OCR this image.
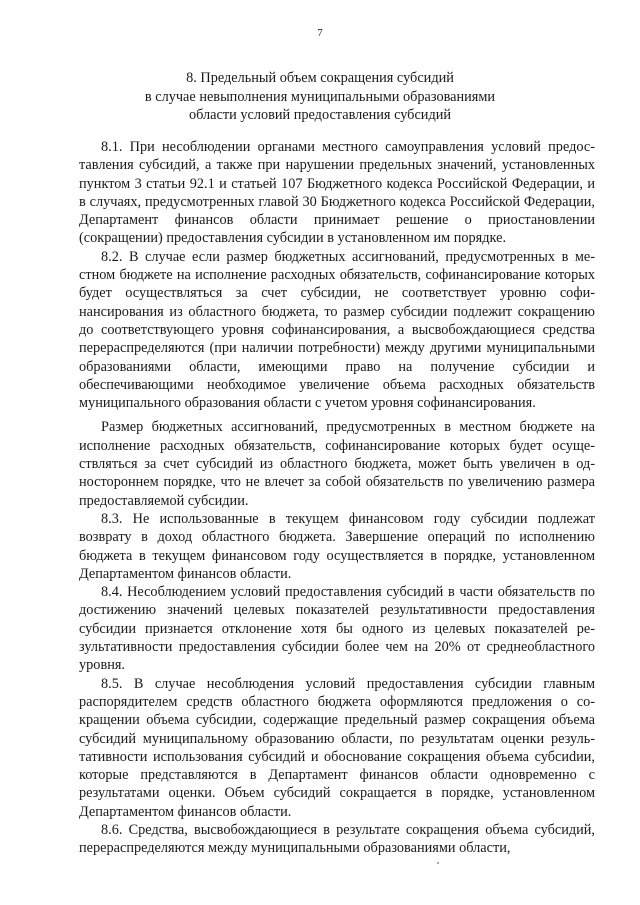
7
8. Предельный объем сокращения субсидий
в случае невыполнения муниципальными образованиями
области условий предоставления субсидий

8.1. При несоблюдении органами местного самоуправления условий предоставления субсидий, а также при нарушении предельных значений, установленных пунктом 3 статьи 92.1 и статьей 107 Бюджетного кодекса Российской Федерации, и в случаях, предусмотренных главой 30 Бюджетного кодекса Российской Федерации, Департамент финансов области принимает решение о приостановлении (сокращении) предоставления субсидии в установленном им порядке.

8.2. В случае если размер бюджетных ассигнований, предусмотренных в местном бюджете на исполнение расходных обязательств, софинансирование которых будет осуществляться за счет субсидии, не соответствует уровню софинансирования из областного бюджета, то размер субсидии подлежит сокращению до соответствующего уровня софинансирования, а высвобождающиеся средства перераспределяются (при наличии потребности) между другими муниципальными образованиями области, имеющими право на получение субсидии и обеспечивающими необходимое увеличение объема расходных обязательств муниципального образования области с учетом уровня софинансирования.

Размер бюджетных ассигнований, предусмотренных в местном бюджете на исполнение расходных обязательств, софинансирование которых будет осуществляться за счет субсидий из областного бюджета, может быть увеличен в одностороннем порядке, что не влечет за собой обязательств по увеличению размера предоставляемой субсидии.

8.3. Не использованные в текущем финансовом году субсидии подлежат возврату в доход областного бюджета. Завершение операций по исполнению бюджета в текущем финансовом году осуществляется в порядке, установленном Департаментом финансов области.

8.4. Несоблюдением условий предоставления субсидий в части обязательств по достижению значений целевых показателей результативности предоставления субсидии признается отклонение хотя бы одного из целевых показателей результативности предоставления субсидии более чем на 20% от среднеобластного уровня.

8.5. В случае несоблюдения условий предоставления субсидии главным распорядителем средств областного бюджета оформляются предложения о сокращении объема субсидии, содержащие предельный размер сокращения объема субсидий муниципальному образованию области, по результатам оценки результативности использования субсидий и обоснование сокращения объема субсиdии, которые представляются в Департамент финансов области одновременно с результатами оценки. Объем субсидий сокращается в порядке, установленном Департаментом финансов области.

8.6. Средства, высвобождающиеся в результате сокращения объема субсидий, перераспределяются между муниципальными образованиями области,
